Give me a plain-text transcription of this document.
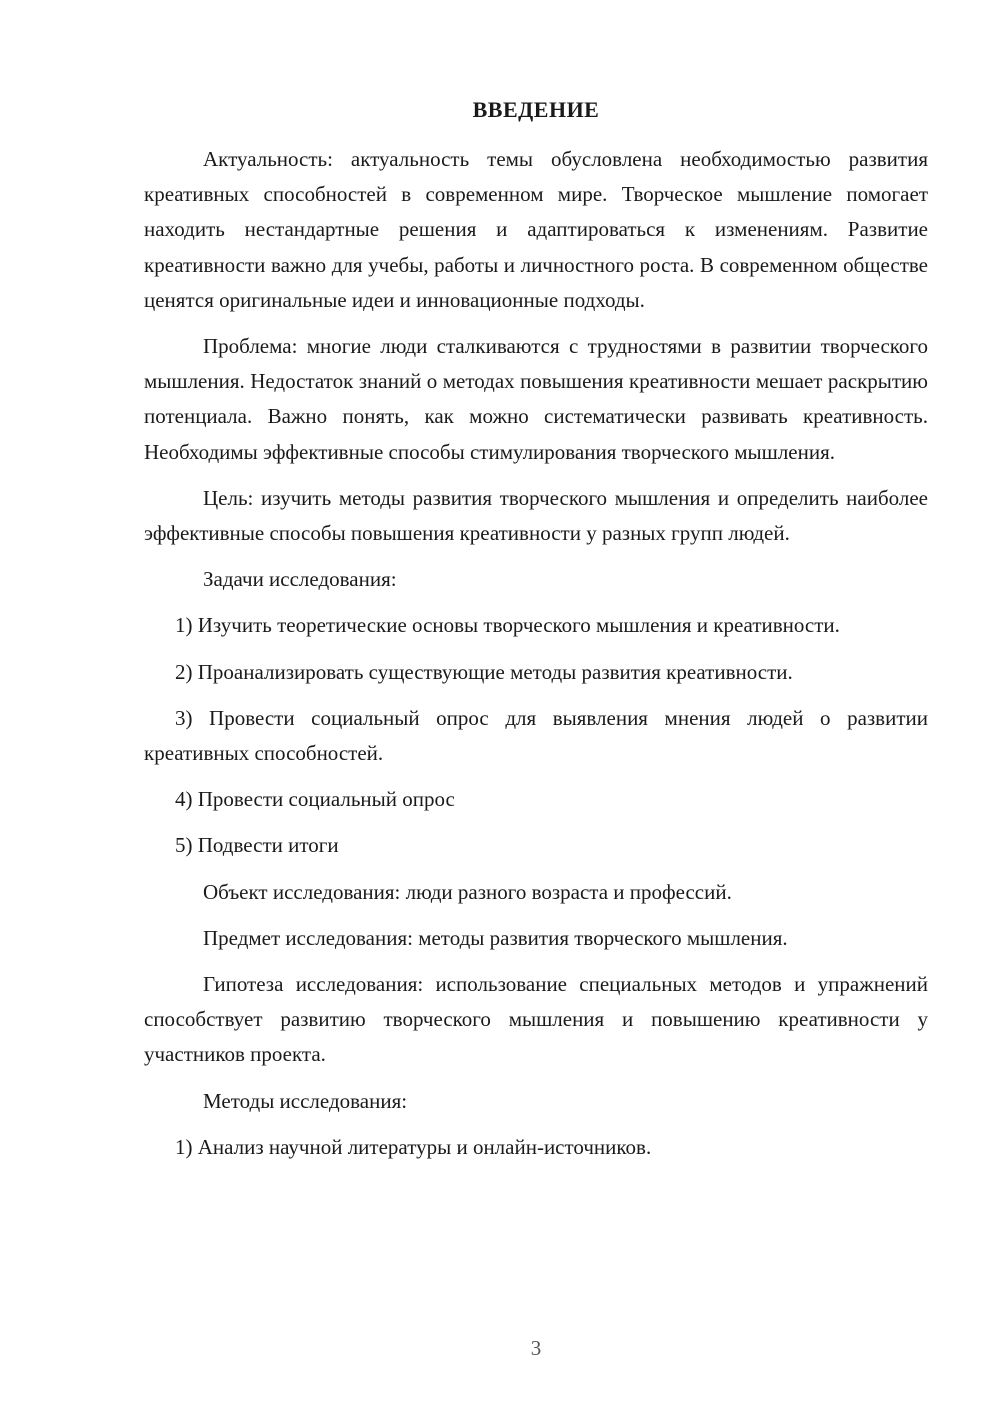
ВВЕДЕНИЕ

Актуальность: актуальность темы обусловлена необходимостью развития креативных способностей в современном мире. Творческое мышление помогает находить нестандартные решения и адаптироваться к изменениям. Развитие креативности важно для учебы, работы и личностного роста. В современном обществе ценятся оригинальные идеи и инновационные подходы.

Проблема: многие люди сталкиваются с трудностями в развитии творческого мышления. Недостаток знаний о методах повышения креативности мешает раскрытию потенциала. Важно понять, как можно систематически развивать креативность. Необходимы эффективные способы стимулирования творческого мышления.

Цель: изучить методы развития творческого мышления и определить наиболее эффективные способы повышения креативности у разных групп людей.

Задачи исследования:

1) Изучить теоретические основы творческого мышления и креативности.

2) Проанализировать существующие методы развития креативности.

3) Провести социальный опрос для выявления мнения людей о развитии креативных способностей.

4) Провести социальный опрос

5) Подвести итоги

Объект исследования: люди разного возраста и профессий.

Предмет исследования: методы развития творческого мышления.

Гипотеза исследования: использование специальных методов и упражнений способствует развитию творческого мышления и повышению креативности у участников проекта.

Методы исследования:

1) Анализ научной литературы и онлайн-источников.

3
